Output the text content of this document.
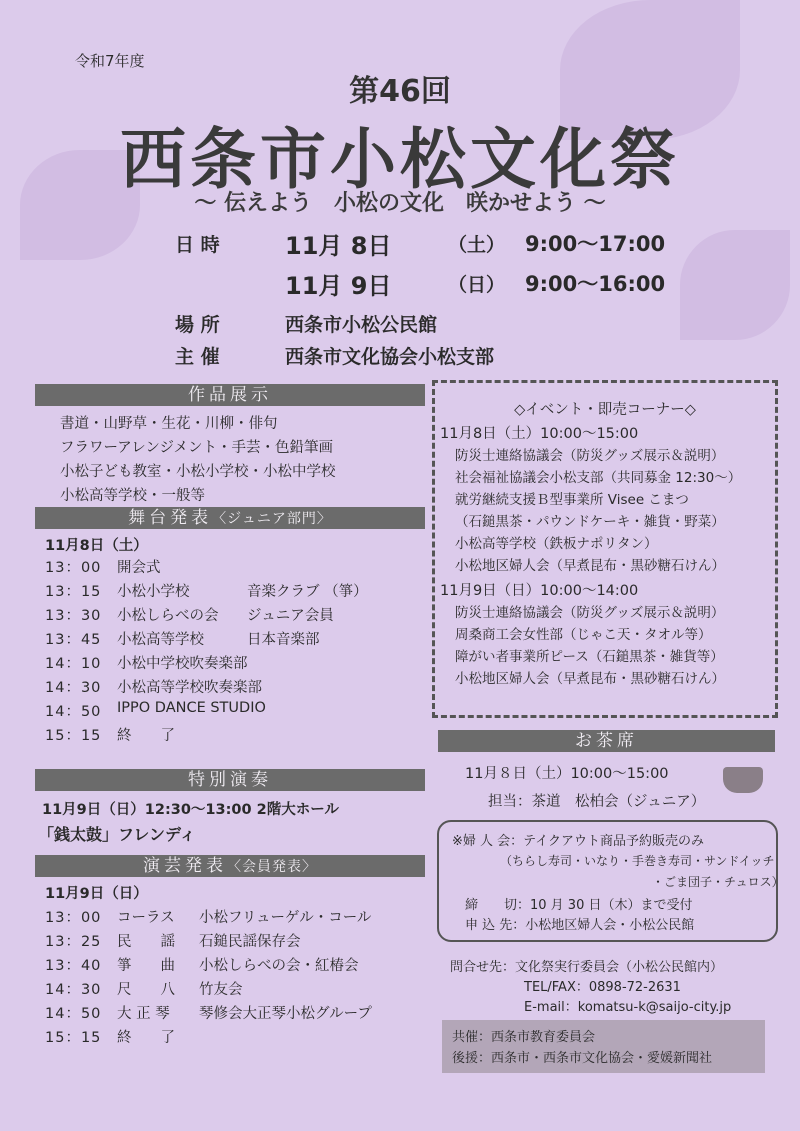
令和7年度
第46回
西条市小松文化祭
～ 伝えよう　小松の文化　咲かせよう ～
日 時	11月 8日	（土） 9:00～17:00
11月 9日	（日） 9:00～16:00
場 所	西条市小松公民館
主 催	西条市文化協会小松支部
作品展示
書道・山野草・生花・川柳・俳句
フラワーアレンジメント・手芸・色鉛筆画
小松子ども教室・小松小学校・小松中学校
小松高等学校・一般等
舞台発表〈ジュニア部門〉
11月8日（土）
13：00	開会式
13：15	小松小学校	音楽クラブ （箏）
13：30	小松しらべの会	ジュニア会員
13：45	小松高等学校	日本音楽部
14：10	小松中学校吹奏楽部
14：30	小松高等学校吹奏楽部
14：50	IPPO DANCE STUDIO
15：15	終　　了
特別演奏
11月9日（日）12:30～13:00 2階大ホール
「銭太鼓」フレンディ
演芸発表〈会員発表〉
11月9日（日）
13：00	コーラス	小松フリューゲル・コール
13：25	民　　謡	石鎚民謡保存会
13：40	箏　　曲	小松しらべの会・紅椿会
14：30	尺　　八	竹友会
14：50	大 正 琴	琴修会大正琴小松グループ
15：15	終　　了
◇イベント・即売コーナー◇
11月8日（土）10:00～15:00
防災士連絡協議会（防災グッズ展示＆説明）
社会福祉協議会小松支部（共同募金 12:30～）
就労継続支援Ｂ型事業所 Visee こまつ
（石鎚黒茶・パウンドケーキ・雑貨・野菜）
小松高等学校（鉄板ナポリタン）
小松地区婦人会（早煮昆布・黒砂糖石けん）
11月9日（日）10:00～14:00
防災士連絡協議会（防災グッズ展示＆説明）
周桑商工会女性部（じゃこ天・タオル等）
障がい者事業所ピース（石鎚黒茶・雑貨等）
小松地区婦人会（早煮昆布・黒砂糖石けん）
お茶席
11月８日（土）10:00～15:00
担当：茶道　松柏会（ジュニア）
※婦 人 会：テイクアウト商品予約販売のみ
（ちらし寿司・いなり・手巻き寿司・サンドイッチ
・ごま団子・チュロス）
締　　切：10 月 30 日（木）まで受付
申 込 先：小松地区婦人会・小松公民館
問合せ先：文化祭実行委員会（小松公民館内）
TEL/FAX：0898-72-2631
E-mail：komatsu-k@saijo-city.jp
共催：西条市教育委員会
後援：西条市・西条市文化協会・愛媛新聞社
